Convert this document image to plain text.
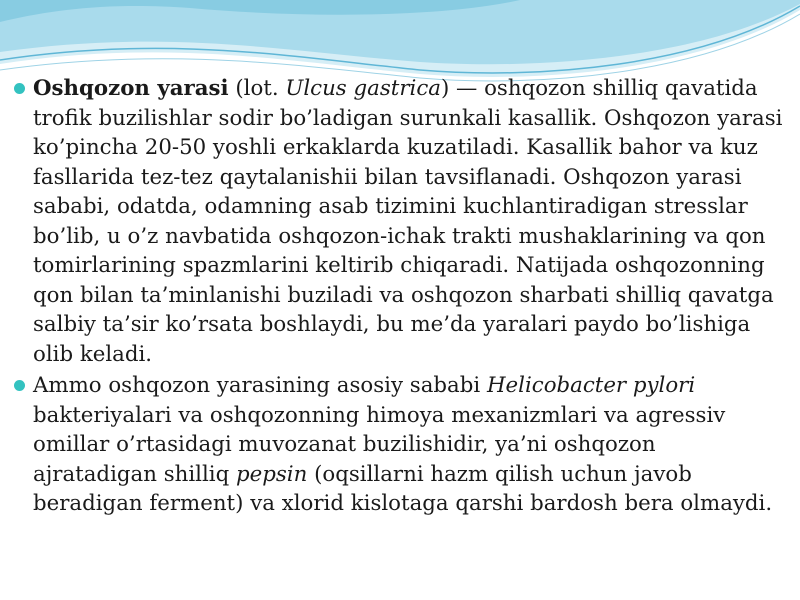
Oshqozon yarasi (lot. Ulcus gastrica) — oshqozon shilliq qavatida trofik buzilishlar sodir bo’ladigan surunkali kasallik. Oshqozon yarasi ko’pincha 20-50 yoshli erkaklarda kuzatiladi. Kasallik bahor va kuz fasllarida tez-tez qaytalanishii bilan tavsiflanadi. Oshqozon yarasi sababi, odatda, odamning asab tizimini kuchlantiradigan stresslar bo’lib, u o’z navbatida oshqozon-ichak trakti mushaklarining va qon tomirlarining spazmlarini keltirib chiqaradi. Natijada oshqozonning qon bilan ta’minlanishi buziladi va oshqozon sharbati shilliq qavatga salbiy ta’sir ko’rsata boshlaydi, bu me’da yaralari paydo bo’lishiga olib keladi.
Ammo oshqozon yarasining asosiy sababi Helicobacter pylori bakteriyalari va oshqozonning himoya mexanizmlari va agressiv omillar o’rtasidagi muvozanat buzilishidir, ya’ni oshqozon ajratadigan shilliq pepsin (oqsillarni hazm qilish uchun javob beradigan ferment) va xlorid kislotaga qarshi bardosh bera olmaydi.
